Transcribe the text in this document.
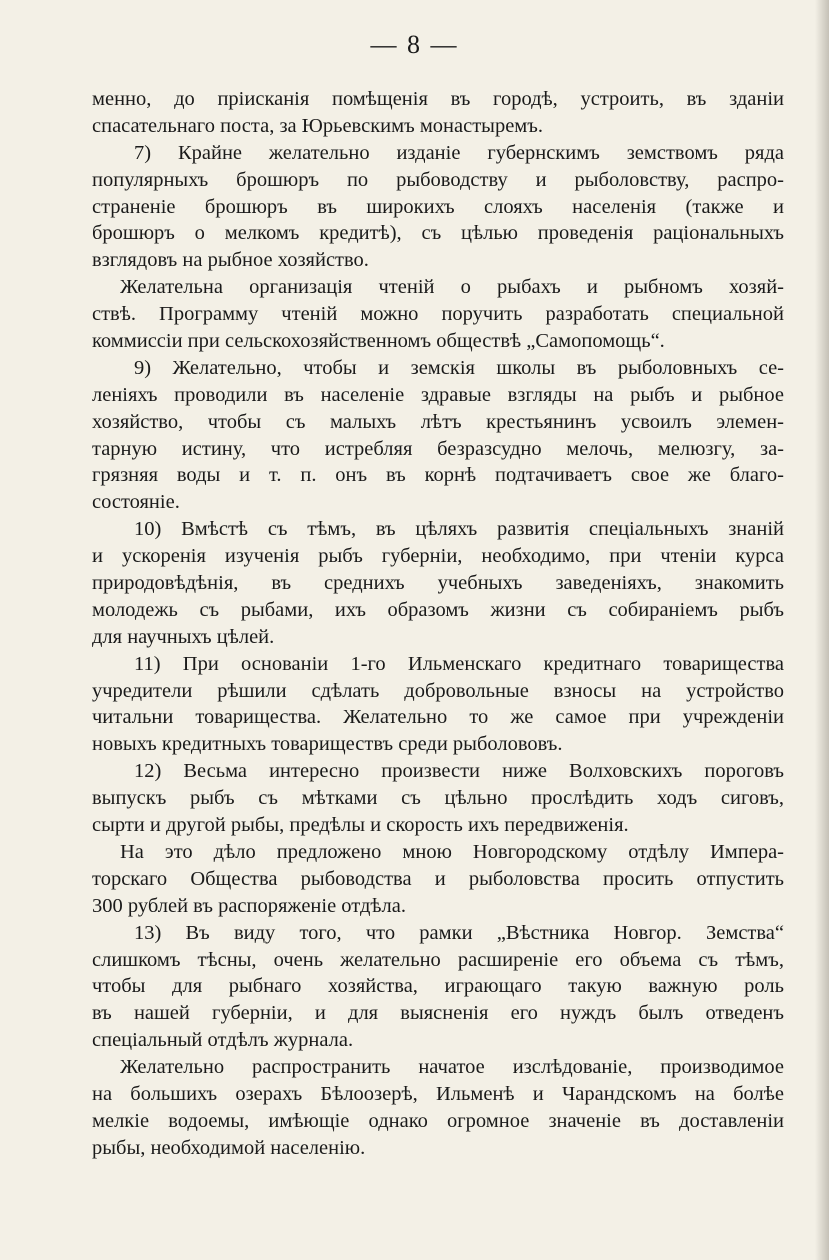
— 8 —
менно, до пріисканія помѣщенія въ городѣ, устроить, въ зданіи
спасательнаго поста, за Юрьевскимъ монастыремъ.
7) Крайне желательно изданіе губернскимъ земствомъ ряда
популярныхъ брошюръ по рыбоводству и рыболовству, распро-
страненіе брошюръ въ широкихъ слояхъ населенія (также и
брошюръ о мелкомъ кредитѣ), съ цѣлью проведенія раціональныхъ
взглядовъ на рыбное хозяйство.
Желательна организація чтеній о рыбахъ и рыбномъ хозяй-
ствѣ. Программу чтеній можно поручить разработать специальной
коммиссіи при сельскохозяйственномъ обществѣ „Самопомощь“.
9) Желательно, чтобы и земскія школы въ рыболовныхъ се-
леніяхъ проводили въ населеніе здравые взгляды на рыбъ и рыбное
хозяйство, чтобы съ малыхъ лѣтъ крестьянинъ усвоилъ элемен-
тарную истину, что истребляя безразсудно мелочь, мелюзгу, за-
грязняя воды и т. п. онъ въ корнѣ подтачиваетъ свое же благо-
состояніе.
10) Вмѣстѣ съ тѣмъ, въ цѣляхъ развитія спеціальныхъ знаній
и ускоренія изученія рыбъ губерніи, необходимо, при чтеніи курса
природовѣдѣнія, въ среднихъ учебныхъ заведеніяхъ, знакомить
молодежь съ рыбами, ихъ образомъ жизни съ собираніемъ рыбъ
для научныхъ цѣлей.
11) При основаніи 1-го Ильменскаго кредитнаго товарищества
учредители рѣшили сдѣлать добровольные взносы на устройство
читальни товарищества. Желательно то же самое при учрежденіи
новыхъ кредитныхъ товариществъ среди рыболововъ.
12) Весьма интересно произвести ниже Волховскихъ пороговъ
выпускъ рыбъ съ мѣтками съ цѣльно прослѣдить ходъ сиговъ,
сырти и другой рыбы, предѣлы и скорость ихъ передвиженія.
На это дѣло предложено мною Новгородскому отдѣлу Импера-
торскаго Общества рыбоводства и рыболовства просить отпустить
300 рублей въ распоряженіе отдѣла.
13) Въ виду того, что рамки „Вѣстника Новгор. Земства“
слишкомъ тѣсны, очень желательно расширеніе его объема съ тѣмъ,
чтобы для рыбнаго хозяйства, играющаго такую важную роль
въ нашей губерніи, и для выясненія его нуждъ былъ отведенъ
спеціальный отдѣлъ журнала.
Желательно распространить начатое изслѣдованіе, производимое
на большихъ озерахъ Бѣлоозерѣ, Ильменѣ и Чарандскомъ на болѣе
мелкіе водоемы, имѣющіе однако огромное значеніе въ доставленіи
рыбы, необходимой населенію.
